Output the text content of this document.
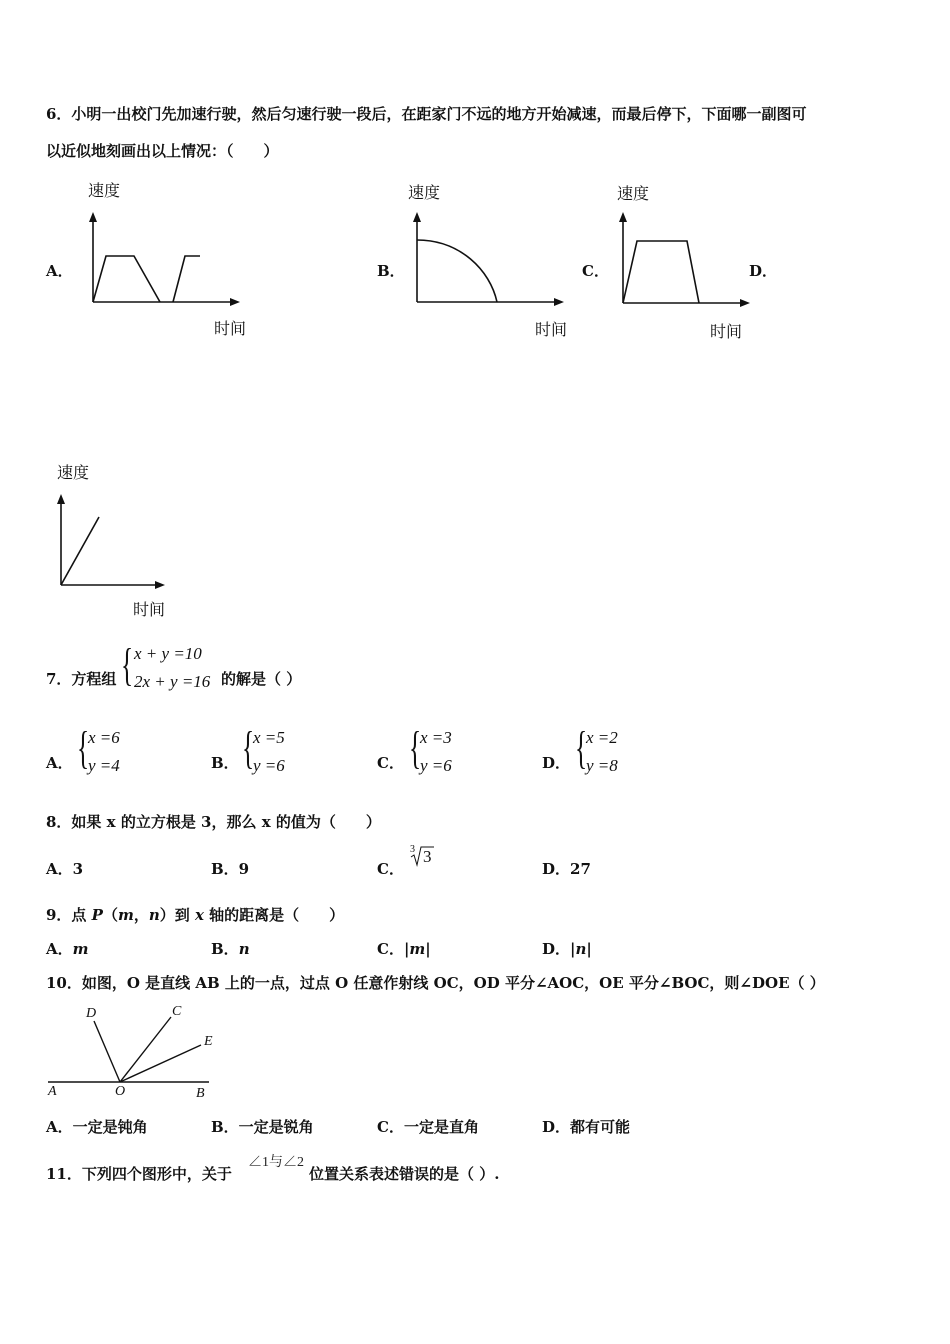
6．小明一出校门先加速行驶，然后匀速行驶一段后，在距家门不远的地方开始减速，而最后停下，下面哪一副图可
以近似地刻画出以上情况：（　　）
速度
时间
A．
速度
时间
B．
速度
时间
C．	D．
速度
时间
7．方程组 { x + y =10
2x + y =16 的解是（ ）
A． {
x =6
y =4	B． {
x =5
y =6	C． {
x =3
y =6	D． {
x =2
y =8
8．如果 x 的立方根是 3，那么 x 的值为（　　）
A．3	B．9	C．
3 3
D．27
9．点 P（m，n）到 x 轴的距离是（　　）
A．m	B．n	C．|m|	D．|n|
10．如图，O 是直线 AB 上的一点，过点 O 任意作射线 OC，OD 平分∠AOC，OE 平分∠BOC，则∠DOE（ ）
D	C
E
A	O	B
A．一定是钝角	B．一定是锐角	C．一定是直角	D．都有可能
11．下列四个图形中，关于
∠1与∠2
位置关系表述错误的是（ ）.
